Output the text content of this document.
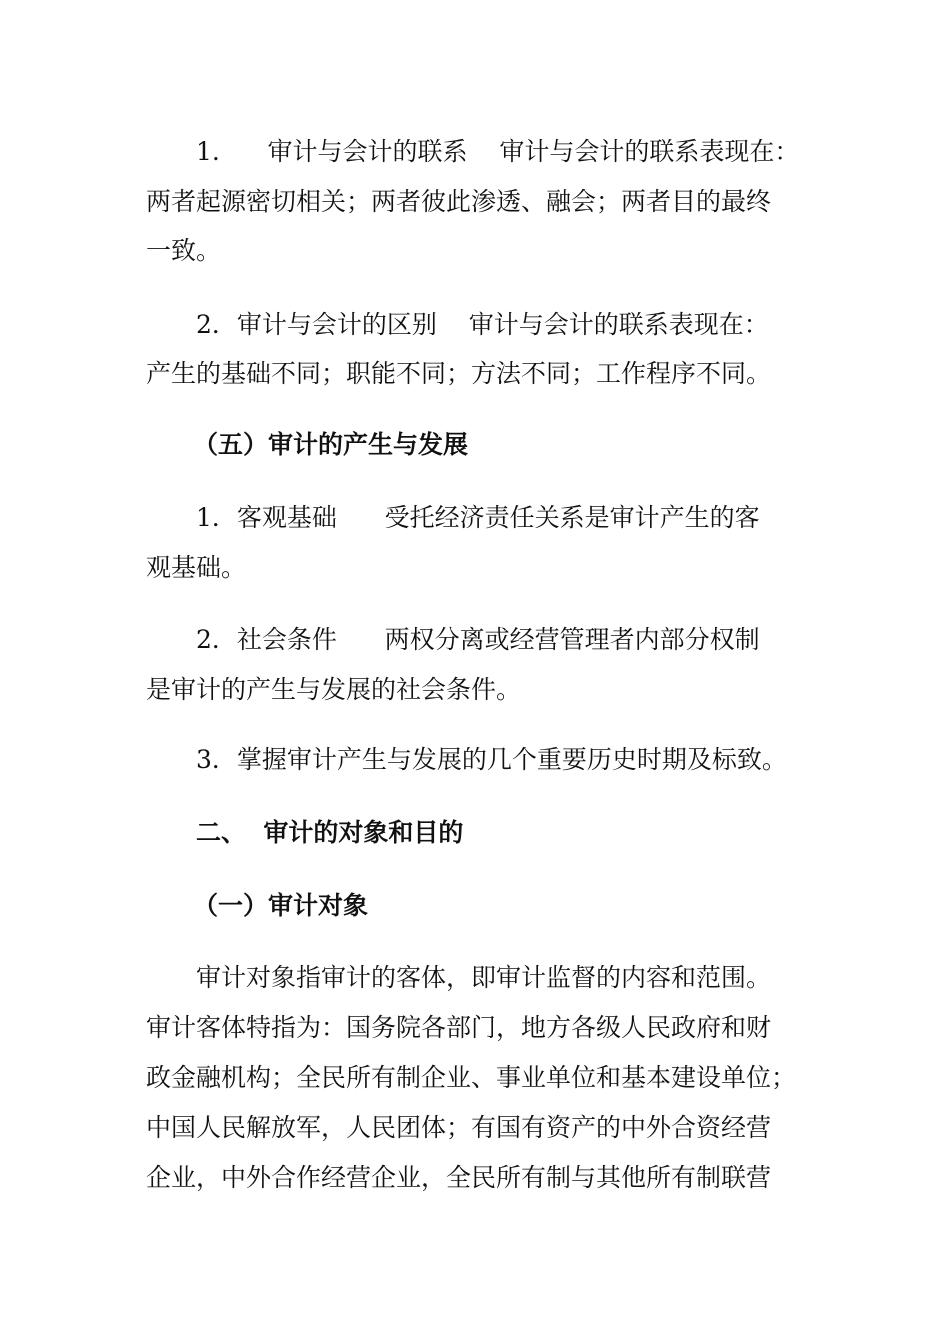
1.      审计与会计的联系    审计与会计的联系表现在：
两者起源密切相关；两者彼此渗透、融会；两者目的最终
一致。
2．审计与会计的区别    审计与会计的联系表现在：
产生的基础不同；职能不同；方法不同；工作程序不同。
（五）审计的产生与发展
1．客观基础      受托经济责任关系是审计产生的客
观基础。
2．社会条件      两权分离或经营管理者内部分权制
是审计的产生与发展的社会条件。
3．掌握审计产生与发展的几个重要历史时期及标致。
二、  审计的对象和目的
（一）审计对象
审计对象指审计的客体，即审计监督的内容和范围。
审计客体特指为：国务院各部门，地方各级人民政府和财
政金融机构；全民所有制企业、事业单位和基本建设单位；
中国人民解放军，人民团体；有国有资产的中外合资经营
企业，中外合作经营企业，全民所有制与其他所有制联营
